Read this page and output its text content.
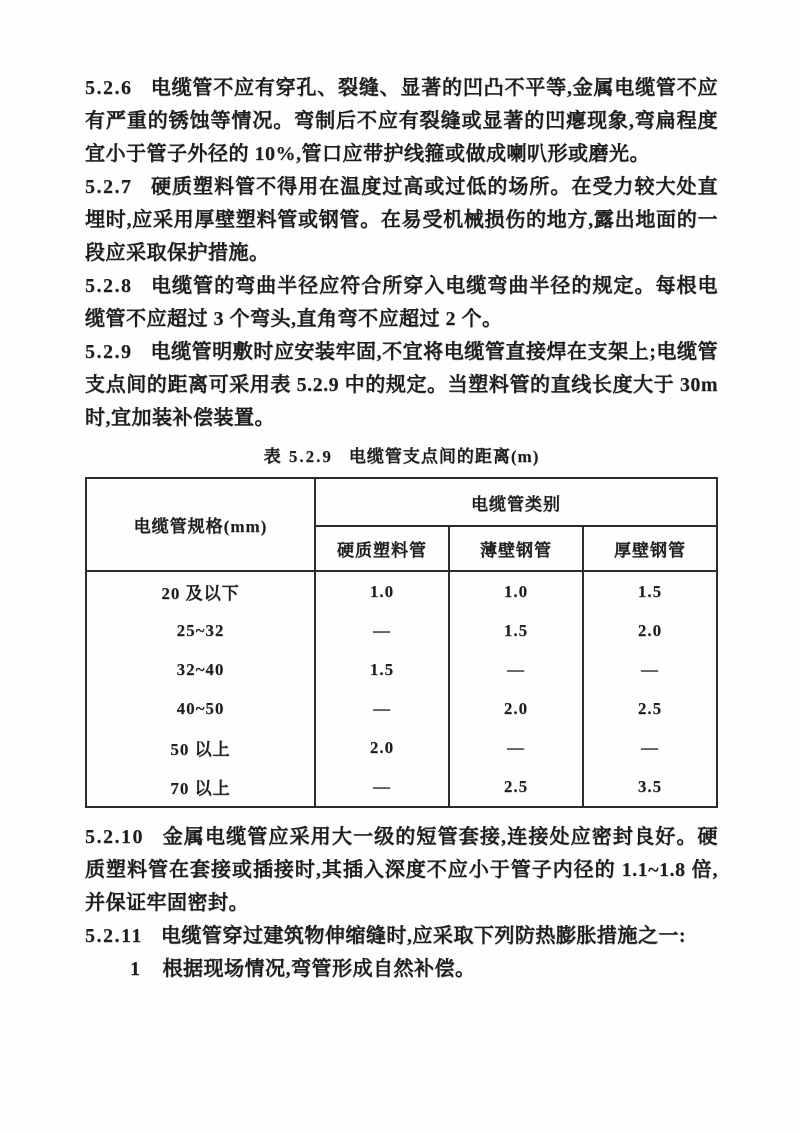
5.2.6 电缆管不应有穿孔、裂缝、显著的凹凸不平等,金属电缆管不应有严重的锈蚀等情况。弯制后不应有裂缝或显著的凹瘪现象,弯扁程度宜小于管子外径的 10%,管口应带护线箍或做成喇叭形或磨光。

5.2.7 硬质塑料管不得用在温度过高或过低的场所。在受力较大处直埋时,应采用厚壁塑料管或钢管。在易受机械损伤的地方,露出地面的一段应采取保护措施。

5.2.8 电缆管的弯曲半径应符合所穿入电缆弯曲半径的规定。每根电缆管不应超过 3 个弯头,直角弯不应超过 2 个。

5.2.9 电缆管明敷时应安装牢固,不宜将电缆管直接焊在支架上;电缆管支点间的距离可采用表 5.2.9 中的规定。当塑料管的直线长度大于 30m 时,宜加装补偿装置。

表 5.2.9 电缆管支点间的距离(m)

电缆管规格(mm)	电缆管类别		
	硬质塑料管	薄壁钢管	厚壁钢管
20 及以下	1.0	1.0	1.5
25~32	—	1.5	2.0
32~40	1.5	—	—
40~50	—	2.0	2.5
50 以上	2.0	—	—
70 以上	—	2.5	3.5

5.2.10 金属电缆管应采用大一级的短管套接,连接处应密封良好。硬质塑料管在套接或插接时,其插入深度不应小于管子内径的 1.1~1.8 倍,并保证牢固密封。

5.2.11 电缆管穿过建筑物伸缩缝时,应采取下列防热膨胀措施之一:

1 根据现场情况,弯管形成自然补偿。
